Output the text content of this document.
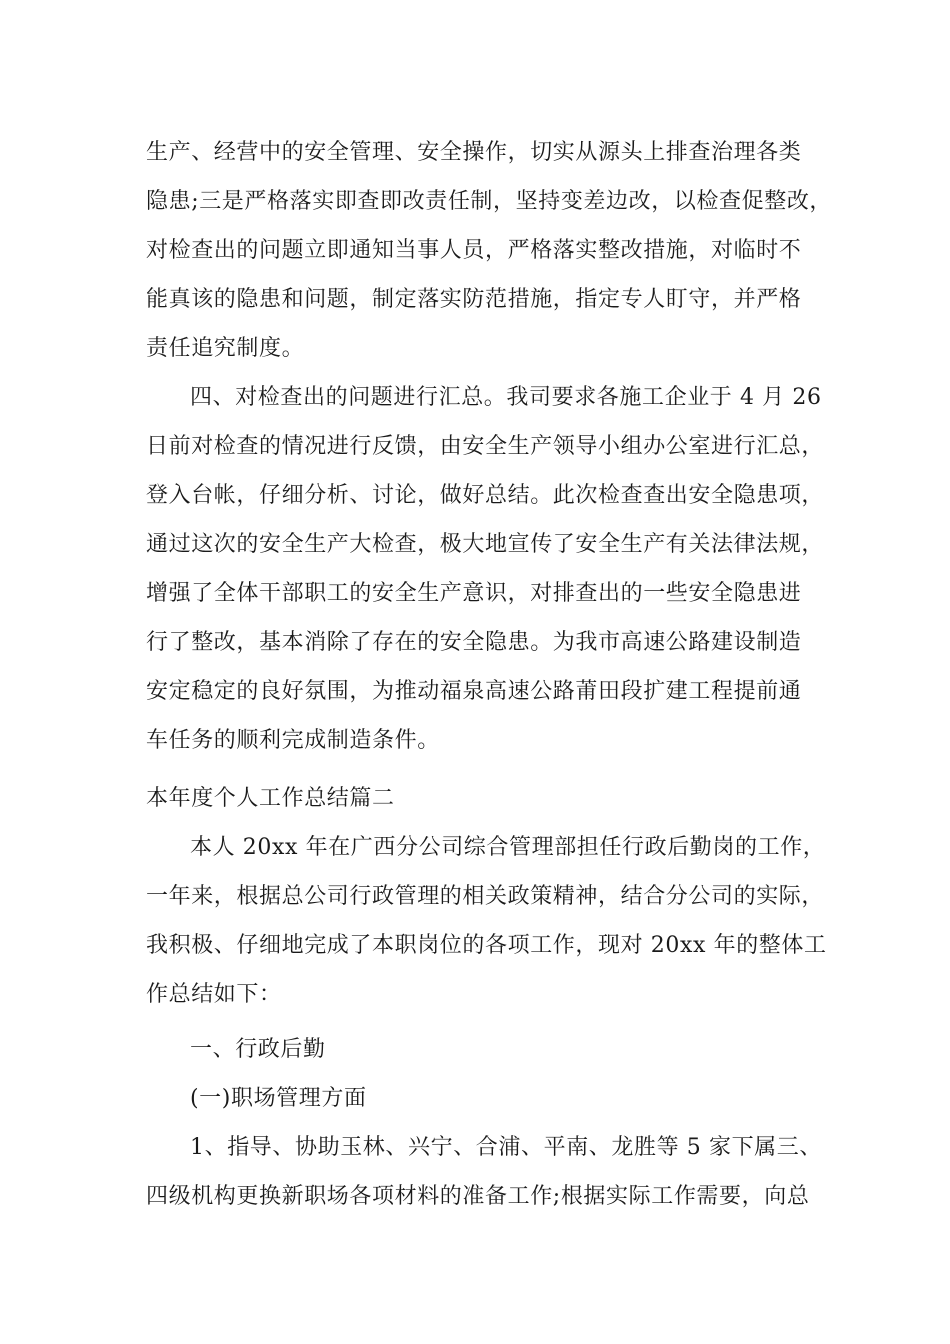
生产、经营中的安全管理、安全操作，切实从源头上排查治理各类
隐患;三是严格落实即查即改责任制，坚持变差边改，以检查促整改，
对检查出的问题立即通知当事人员，严格落实整改措施，对临时不
能真该的隐患和问题，制定落实防范措施，指定专人盯守，并严格
责任追究制度。
四、对检查出的问题进行汇总。我司要求各施工企业于 4 月 26
日前对检查的情况进行反馈，由安全生产领导小组办公室进行汇总，
登入台帐，仔细分析、讨论，做好总结。此次检查查出安全隐患项，
通过这次的安全生产大检查，极大地宣传了安全生产有关法律法规，
增强了全体干部职工的安全生产意识，对排查出的一些安全隐患进
行了整改，基本消除了存在的安全隐患。为我市高速公路建设制造
安定稳定的良好氛围，为推动福泉高速公路莆田段扩建工程提前通
车任务的顺利完成制造条件。
本年度个人工作总结篇二
本人 20xx 年在广西分公司综合管理部担任行政后勤岗的工作，
一年来，根据总公司行政管理的相关政策精神，结合分公司的实际，
我积极、仔细地完成了本职岗位的各项工作，现对 20xx 年的整体工
作总结如下：
一、行政后勤
(一)职场管理方面
1、指导、协助玉林、兴宁、合浦、平南、龙胜等 5 家下属三、
四级机构更换新职场各项材料的准备工作;根据实际工作需要，向总
